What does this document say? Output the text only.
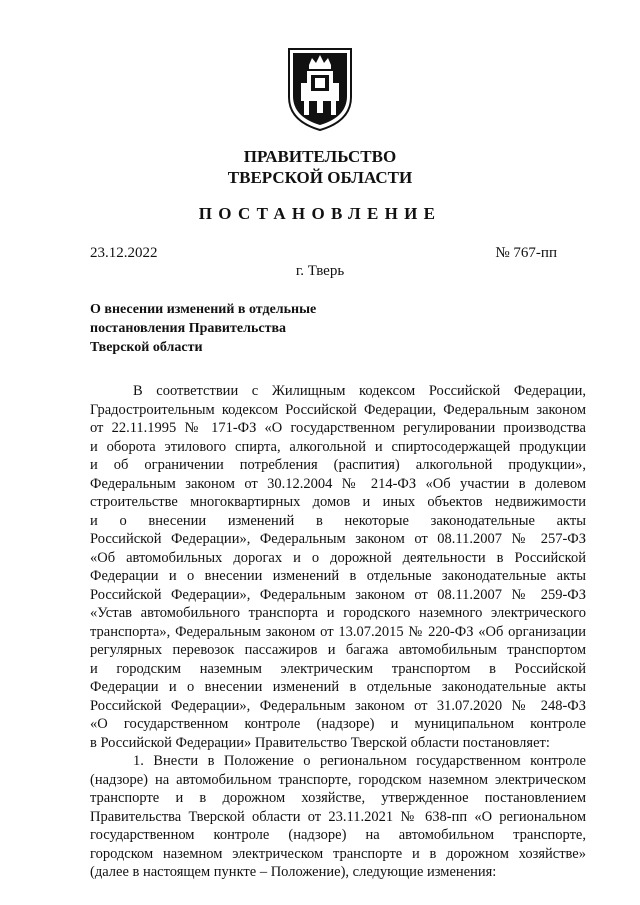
ПРАВИТЕЛЬСТВО
ТВЕРСКОЙ ОБЛАСТИ
ПОСТАНОВЛЕНИЕ
23.12.2022	№ 767-пп
г. Тверь
О внесении изменений в отдельные
постановления Правительства
Тверской области
В соответствии с Жилищным кодексом Российской Федерации,
Градостроительным кодексом Российской Федерации, Федеральным законом
от 22.11.1995 № 171-ФЗ «О государственном регулировании производства
и оборота этилового спирта, алкогольной и спиртосодержащей продукции
и об ограничении потребления (распития) алкогольной продукции»,
Федеральным законом от 30.12.2004 № 214-ФЗ «Об участии в долевом
строительстве многоквартирных домов и иных объектов недвижимости
и о внесении изменений в некоторые законодательные акты
Российской Федерации», Федеральным законом от 08.11.2007 № 257-ФЗ
«Об автомобильных дорогах и о дорожной деятельности в Российской
Федерации и о внесении изменений в отдельные законодательные акты
Российской Федерации», Федеральным законом от 08.11.2007 № 259-ФЗ
«Устав автомобильного транспорта и городского наземного электрического
транспорта», Федеральным законом от 13.07.2015 № 220-ФЗ «Об организации
регулярных перевозок пассажиров и багажа автомобильным транспортом
и городским наземным электрическим транспортом в Российской
Федерации и о внесении изменений в отдельные законодательные акты
Российской Федерации», Федеральным законом от 31.07.2020 № 248-ФЗ
«О государственном контроле (надзоре) и муниципальном контроле
в Российской Федерации» Правительство Тверской области постановляет:
1. Внести в Положение о региональном государственном контроле
(надзоре) на автомобильном транспорте, городском наземном электрическом
транспорте и в дорожном хозяйстве, утвержденное постановлением
Правительства Тверской области от 23.11.2021 № 638-пп «О региональном
государственном контроле (надзоре) на автомобильном транспорте,
городском наземном электрическом транспорте и в дорожном хозяйстве»
(далее в настоящем пункте – Положение), следующие изменения:
